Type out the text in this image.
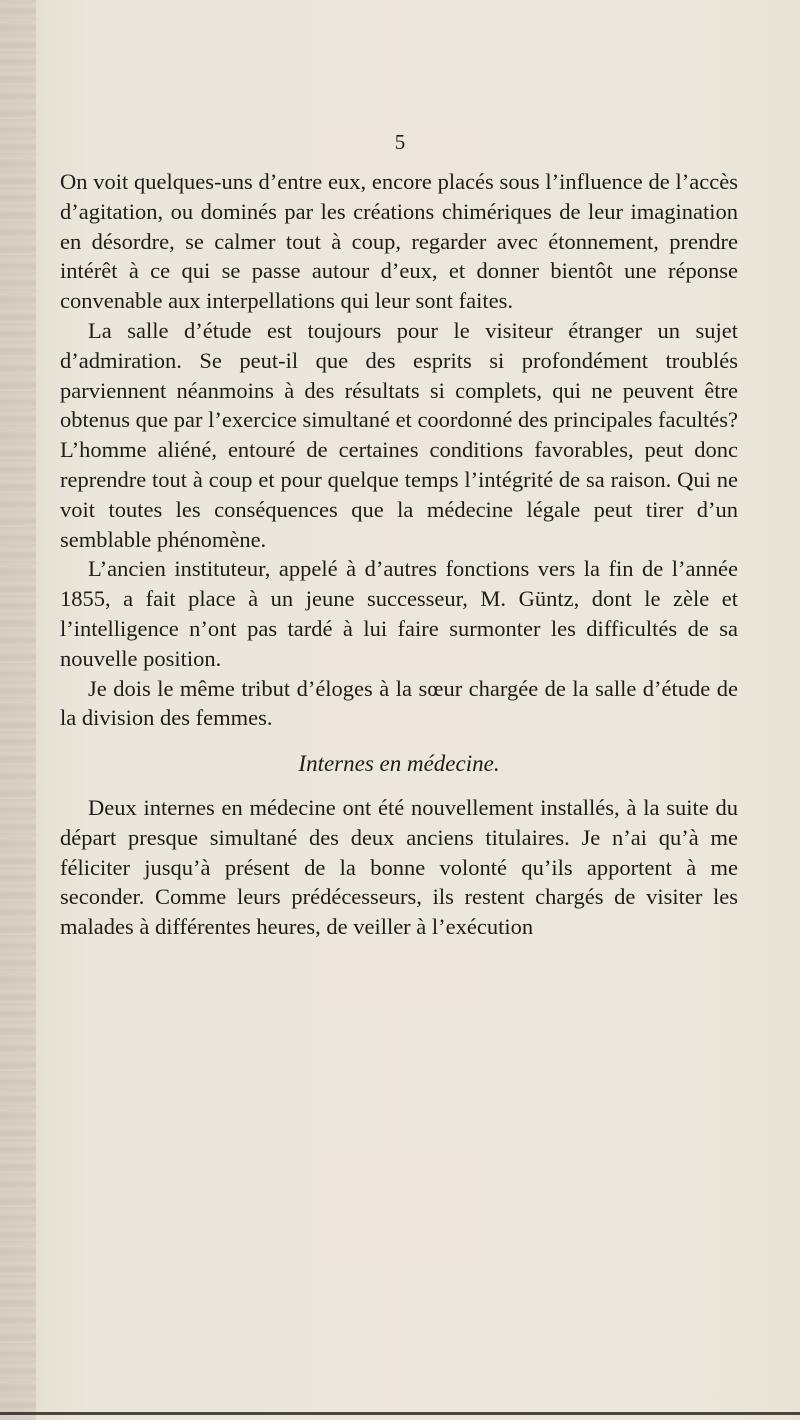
5

On voit quelques-uns d’entre eux, encore placés sous l’influence de l’accès d’agitation, ou dominés par les créations chimériques de leur imagination en désordre, se calmer tout à coup, regarder avec étonnement, prendre intérêt à ce qui se passe autour d’eux, et donner bientôt une réponse convenable aux interpellations qui leur sont faites.

La salle d’étude est toujours pour le visiteur étranger un sujet d’admiration. Se peut-il que des esprits si profondément troublés parviennent néanmoins à des résultats si complets, qui ne peuvent être obtenus que par l’exercice simultané et coordonné des principales facultés? L’homme aliéné, entouré de certaines conditions favorables, peut donc reprendre tout à coup et pour quelque temps l’intégrité de sa raison. Qui ne voit toutes les conséquences que la médecine légale peut tirer d’un semblable phénomène.

L’ancien instituteur, appelé à d’autres fonctions vers la fin de l’année 1855, a fait place à un jeune successeur, M. Güntz, dont le zèle et l’intelligence n’ont pas tardé à lui faire surmonter les difficultés de sa nouvelle position.

Je dois le même tribut d’éloges à la sœur chargée de la salle d’étude de la division des femmes.

Internes en médecine.

Deux internes en médecine ont été nouvellement installés, à la suite du départ presque simultané des deux anciens titulaires. Je n’ai qu’à me féliciter jusqu’à présent de la bonne volonté qu’ils apportent à me seconder. Comme leurs prédécesseurs, ils restent chargés de visiter les malades à différentes heures, de veiller à l’exécution
